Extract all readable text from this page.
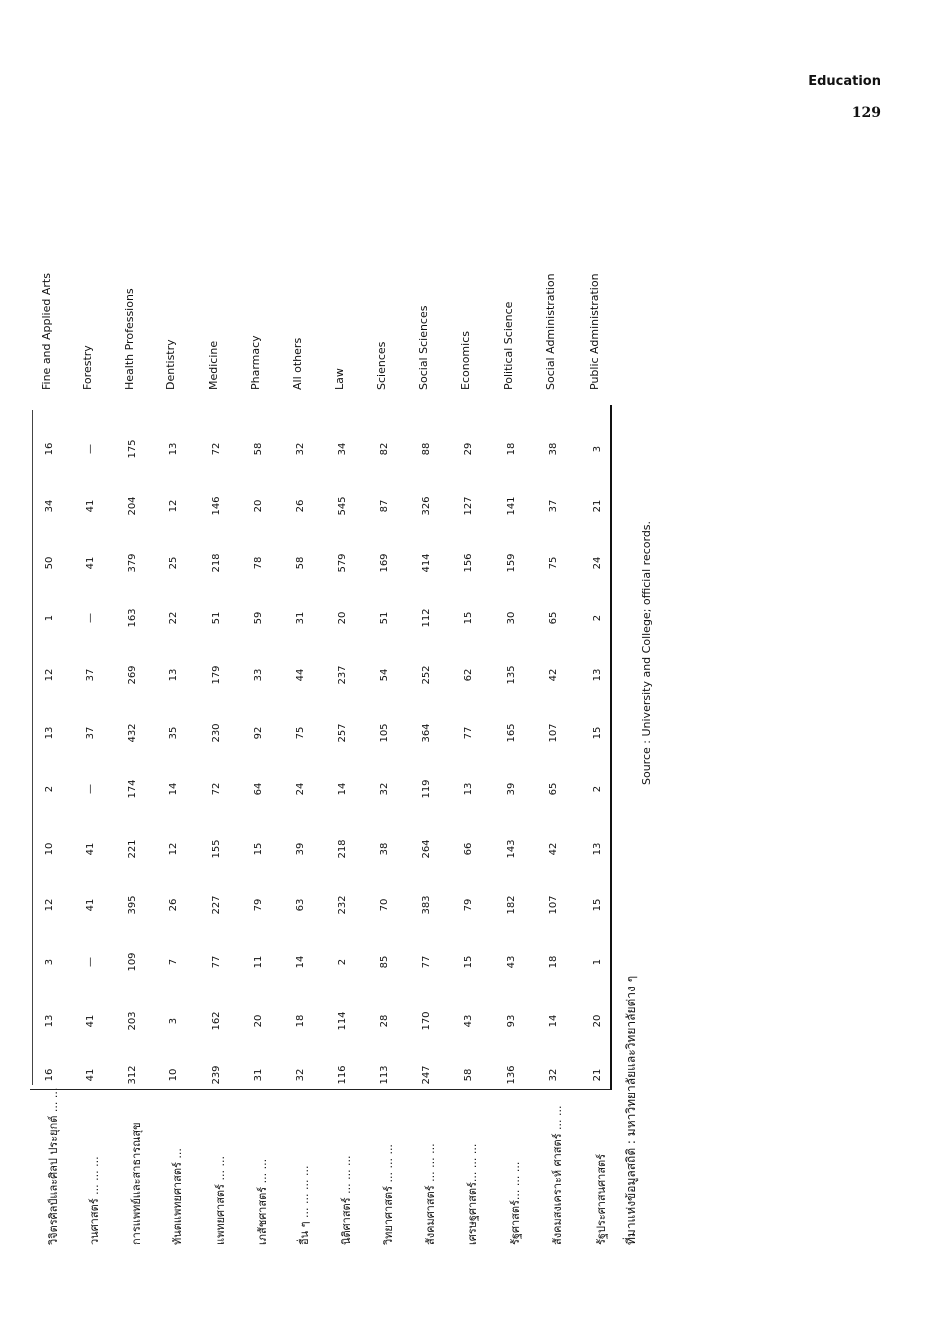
Education
129
วิจิตรศิลป์และศิลป ประยุกต์ ... ...
16
13
3
12
10
2
13
12
1
50
34
16
Fine and Applied Arts
วนศาสตร์ ... ... ...
41
41
—
41
41
—
37
37
—
41
41
—
Forestry
การแพทย์และสาธารณสุข
312
203
109
395
221
174
432
269
163
379
204
175
Health Professions
ทันตแพทยศาสตร์ ...
10
3
7
26
12
14
35
13
22
25
12
13
Dentistry
แพทยศาสตร์ ... ...
239
162
77
227
155
72
230
179
51
218
146
72
Medicine
เภสัชศาสตร์ ... ...
31
20
11
79
15
64
92
33
59
78
20
58
Pharmacy
อื่น ๆ ... ... ... ...
32
18
14
63
39
24
75
44
31
58
26
32
All others
นิติศาสตร์ ... ... ...
116
114
2
232
218
14
257
237
20
579
545
34
Law
วิทยาศาสตร์ ... ... ...
113
28
85
70
38
32
105
54
51
169
87
82
Sciences
สังคมศาสตร์ ... ... ...
247
170
77
383
264
119
364
252
112
414
326
88
Social Sciences
เศรษฐศาสตร์... ... ...
58
43
15
79
66
13
77
62
15
156
127
29
Economics
รัฐศาสตร์... ... ...
136
93
43
182
143
39
165
135
30
159
141
18
Political Science
สังคมสงเคราะห์ ศาสตร์ ... ...
32
14
18
107
42
65
107
42
65
75
37
38
Social Administration
รัฐประศาสนศาสตร์
21
20
1
15
13
2
15
13
2
24
21
3
Public Administration
ที่มาแห่งข้อมูลสถิติ : มหาวิทยาลัยและวิทยาลัยต่าง ๆ
Source : University and College; official records.
